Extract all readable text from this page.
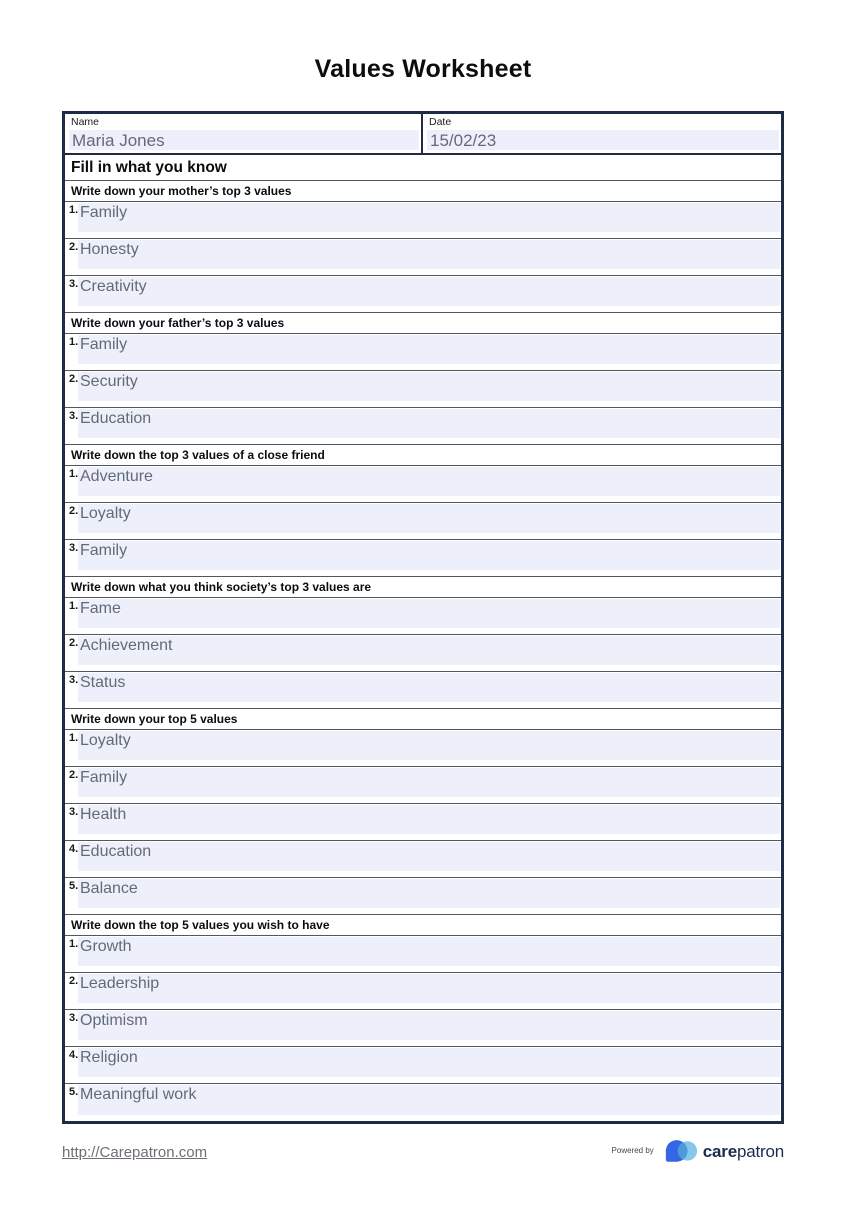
Values Worksheet
Name
Maria Jones
Date
15/02/23
Fill in what you know
Write down your mother’s top 3 values
1. Family
2. Honesty
3. Creativity
Write down your father’s top 3 values
1. Family
2. Security
3. Education
Write down the top 3 values of a close friend
1. Adventure
2. Loyalty
3. Family
Write down what you think society’s top 3 values are
1. Fame
2. Achievement
3. Status
Write down your top 5 values
1. Loyalty
2. Family
3. Health
4. Education
5. Balance
Write down the top 5 values you wish to have
1. Growth
2. Leadership
3. Optimism
4. Religion
5. Meaningful work
http://Carepatron.com	Powered by	carepatron
